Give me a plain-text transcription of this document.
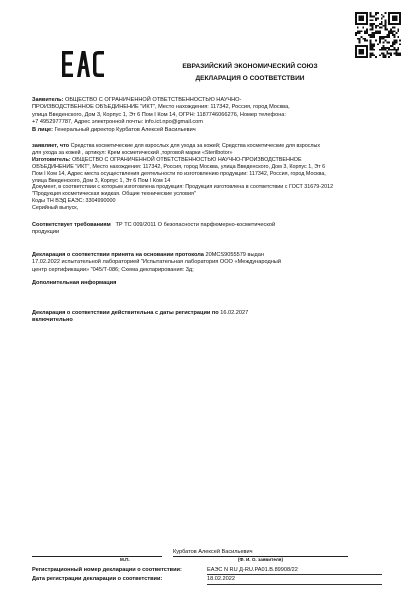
ЕВРАЗИЙСКИЙ ЭКОНОМИЧЕСКИЙ СОЮЗ
ДЕКЛАРАЦИЯ О СООТВЕТСТВИИ

Заявитель: ОБЩЕСТВО С ОГРАНИЧЕННОЙ ОТВЕТСТВЕННОСТЬЮ НАУЧНО-

ПРОИЗВОДСТВЕННОЕ ОБЪЕДИНЕНИЕ "ИКТ", Место нахождения: 117342, Россия, город Москва,

улица Введенского, Дом 3, Корпус 1, Эт 6 Пом I Ком 14, ОГРН: 1187746066276, Номер телефона:

+7 4952977787, Адрес электронной почты: info.ict.npo@gmail.com

В лице: Генеральный директор Курбатов Алексей Васильевич

заявляет, что Средства косметические для взрослых для ухода за кожей; Средства косметические для взрослых

для ухода за кожей , артикул: Крем косметический ,торговой марки «Sterilbotor»

Изготовитель: ОБЩЕСТВО С ОГРАНИЧЕННОЙ ОТВЕТСТВЕННОСТЬЮ НАУЧНО-ПРОИЗВОДСТВЕННОЕ

ОБЪЕДИНЕНИЕ "ИКТ", Место нахождения: 117342, Россия, город Москва, улица Введенского, Дом 3, Корпус 1, Эт 6

Пом I Ком 14, Адрес места осуществления деятельности по изготовлению продукции: 117342, Россия, город Москва,

улица Введенского, Дом 3, Корпус 1, Эт 6 Пом I Ком 14

Документ, в соответствии с которым изготовлена продукция: Продукция изготовлена в соответствии с ГОСТ 31679-2012

"Продукция косметическая жидкая. Общие технические условия"

Коды ТН ВЭД ЕАЭС: 3304990000

Серийный выпуск,

Соответствует требованиям ТР ТС 009/2011 О безопасности парфюмерно-косметической

продукции

Декларация о соответствии принята на основании протокола 20MCS9055579 выдан

17.02.2022 испытательной лабораторией "Испытательная лаборатория ООО «Международный

центр сертификации» "045/Т-086; Схема декларирования: 3д;

Дополнительная информация

Декларация о соответствии действительна с даты регистрации по 16.02.2027

включительно

Курбатов Алексей Васильевич
(Ф. И. О. заявителя)
М.П.

Регистрационный номер декларации о соответствии:	ЕАЭС N RU Д-RU.PA01.B.89908/22

Дата регистрации декларации о соответствии:	18.02.2022
